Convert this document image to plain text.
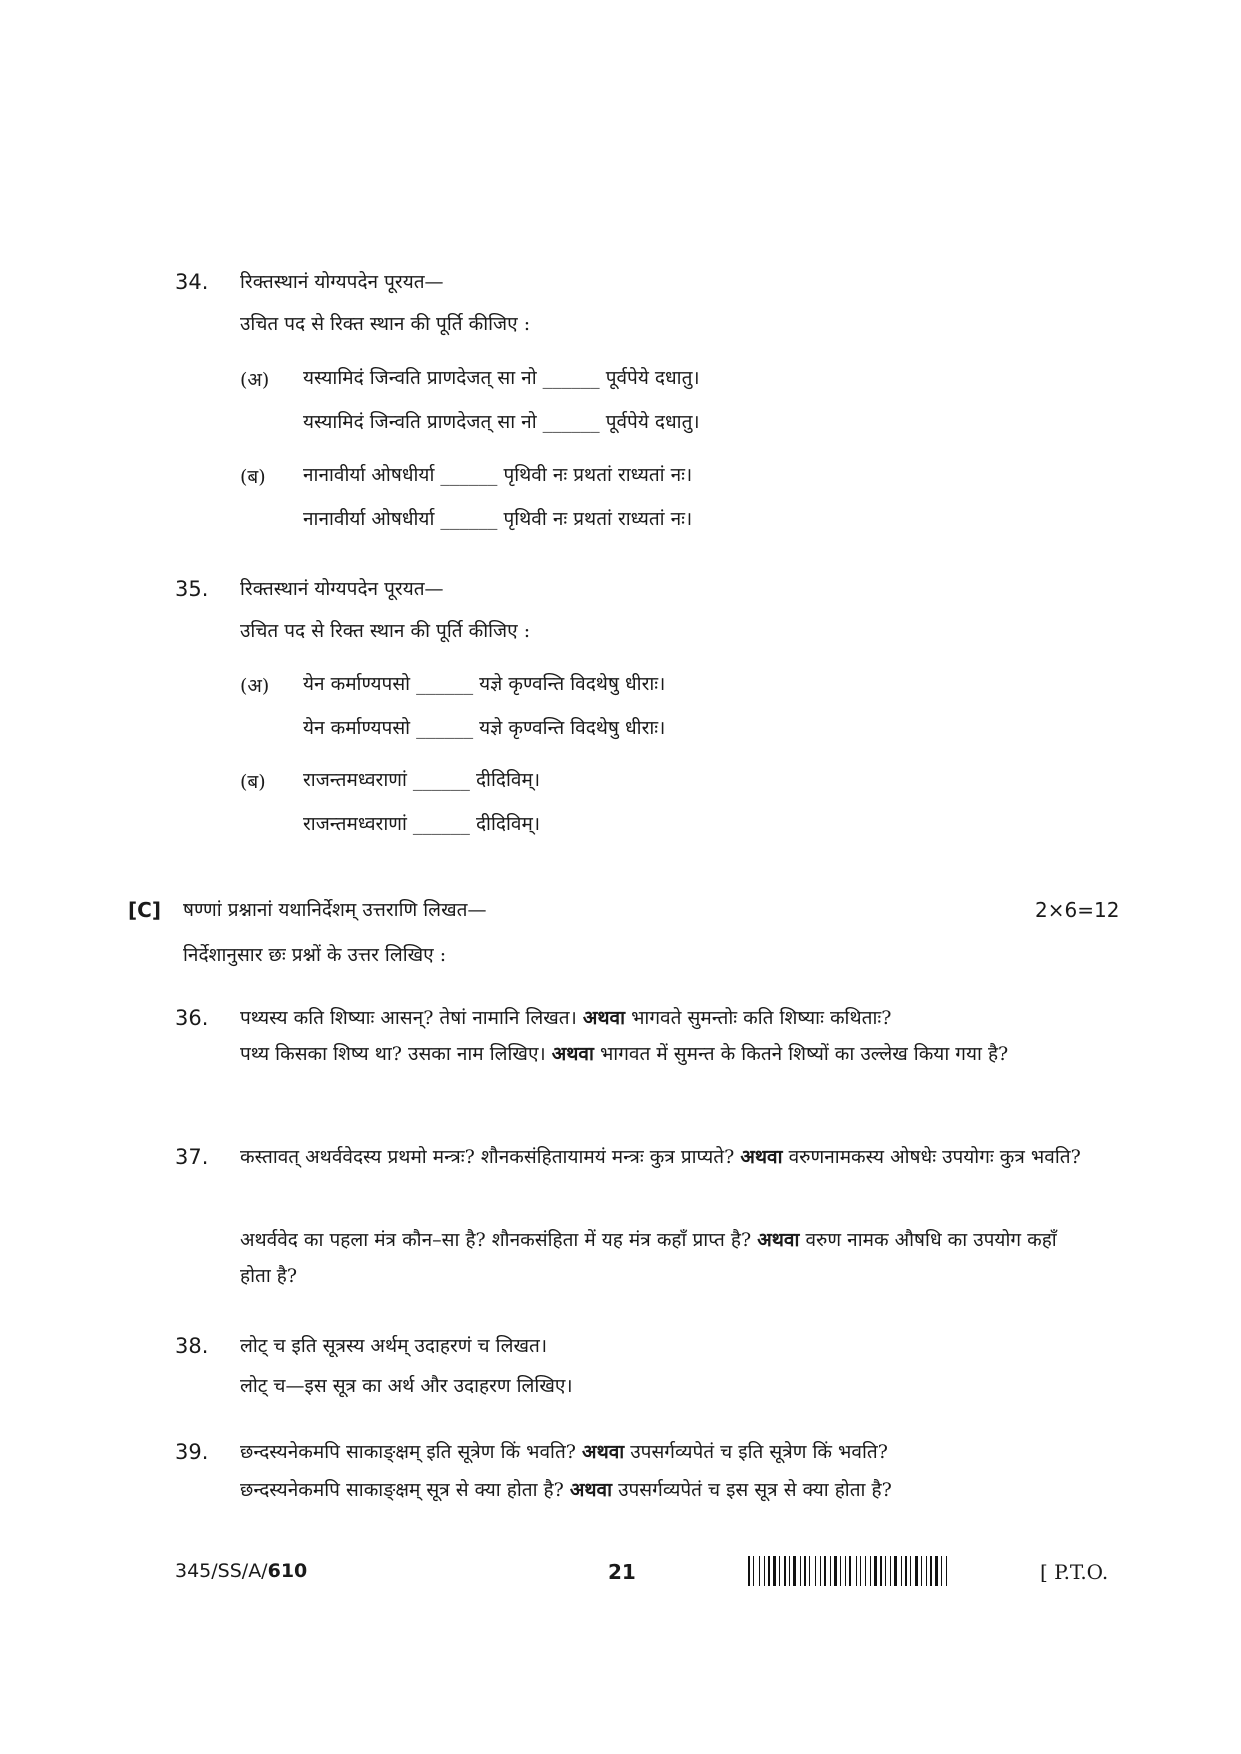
34. रिक्तस्थानं योग्यपदेन पूरयत—
उचित पद से रिक्त स्थान की पूर्ति कीजिए :
(अ) यस्यामिदं जिन्वति प्राणदेजत् सा नो ______ पूर्वपेये दधातु।
यस्यामिदं जिन्वति प्राणदेजत् सा नो ______ पूर्वपेये दधातु।
(ब) नानावीर्या ओषधीर्या ______ पृथिवी नः प्रथतां राध्यतां नः।
नानावीर्या ओषधीर्या ______ पृथिवी नः प्रथतां राध्यतां नः।
35. रिक्तस्थानं योग्यपदेन पूरयत—
उचित पद से रिक्त स्थान की पूर्ति कीजिए :
(अ) येन कर्माण्यपसो ______ यज्ञे कृण्वन्ति विदथेषु धीराः।
येन कर्माण्यपसो ______ यज्ञे कृण्वन्ति विदथेषु धीराः।
(ब) राजन्तमध्वराणां ______ दीदिविम्।
राजन्तमध्वराणां ______ दीदिविम्।
[C] षण्णां प्रश्नानां यथानिर्देशम् उत्तराणि लिखत—	2×6=12
निर्देशानुसार छः प्रश्नों के उत्तर लिखिए :
36. पथ्यस्य कति शिष्याः आसन्? तेषां नामानि लिखत। अथवा भागवते सुमन्तोः कति शिष्याः कथिताः?
पथ्य किसका शिष्य था? उसका नाम लिखिए। अथवा भागवत में सुमन्त के कितने शिष्यों का उल्लेख किया गया है?
37. कस्तावत् अथर्ववेदस्य प्रथमो मन्त्रः? शौनकसंहितायामयं मन्त्रः कुत्र प्राप्यते? अथवा वरुणनामकस्य ओषधेः उपयोगः कुत्र भवति?
अथर्ववेद का पहला मंत्र कौन–सा है? शौनकसंहिता में यह मंत्र कहाँ प्राप्त है? अथवा वरुण नामक औषधि का उपयोग कहाँ होता है?
38. लोट् च इति सूत्रस्य अर्थम् उदाहरणं च लिखत।
लोट् च—इस सूत्र का अर्थ और उदाहरण लिखिए।
39. छन्दस्यनेकमपि साकाङ्क्षम् इति सूत्रेण किं भवति? अथवा उपसर्गव्यपेतं च इति सूत्रेण किं भवति?
छन्दस्यनेकमपि साकाङ्क्षम् सूत्र से क्या होता है? अथवा उपसर्गव्यपेतं च इस सूत्र से क्या होता है?
345/SS/A/610	21	[ P.T.O.
